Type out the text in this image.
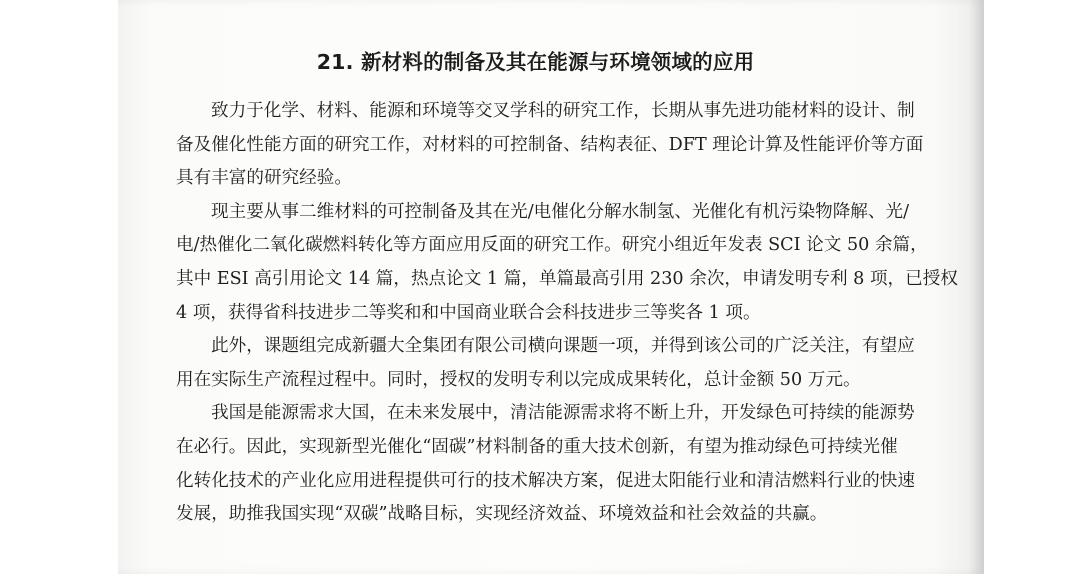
21. 新材料的制备及其在能源与环境领域的应用
致力于化学、材料、能源和环境等交叉学科的研究工作，长期从事先进功能材料的设计、制
备及催化性能方面的研究工作，对材料的可控制备、结构表征、DFT 理论计算及性能评价等方面
具有丰富的研究经验。
现主要从事二维材料的可控制备及其在光/电催化分解水制氢、光催化有机污染物降解、光/
电/热催化二氧化碳燃料转化等方面应用反面的研究工作。研究小组近年发表 SCI 论文 50 余篇，
其中 ESI 高引用论文 14 篇，热点论文 1 篇，单篇最高引用 230 余次，申请发明专利 8 项，已授权
4 项，获得省科技进步二等奖和和中国商业联合会科技进步三等奖各 1 项。
此外，课题组完成新疆大全集团有限公司横向课题一项，并得到该公司的广泛关注，有望应
用在实际生产流程过程中。同时，授权的发明专利以完成成果转化，总计金额 50 万元。
我国是能源需求大国，在未来发展中，清洁能源需求将不断上升，开发绿色可持续的能源势
在必行。因此，实现新型光催化“固碳”材料制备的重大技术创新，有望为推动绿色可持续光催
化转化技术的产业化应用进程提供可行的技术解决方案，促进太阳能行业和清洁燃料行业的快速
发展，助推我国实现“双碳”战略目标，实现经济效益、环境效益和社会效益的共赢。
